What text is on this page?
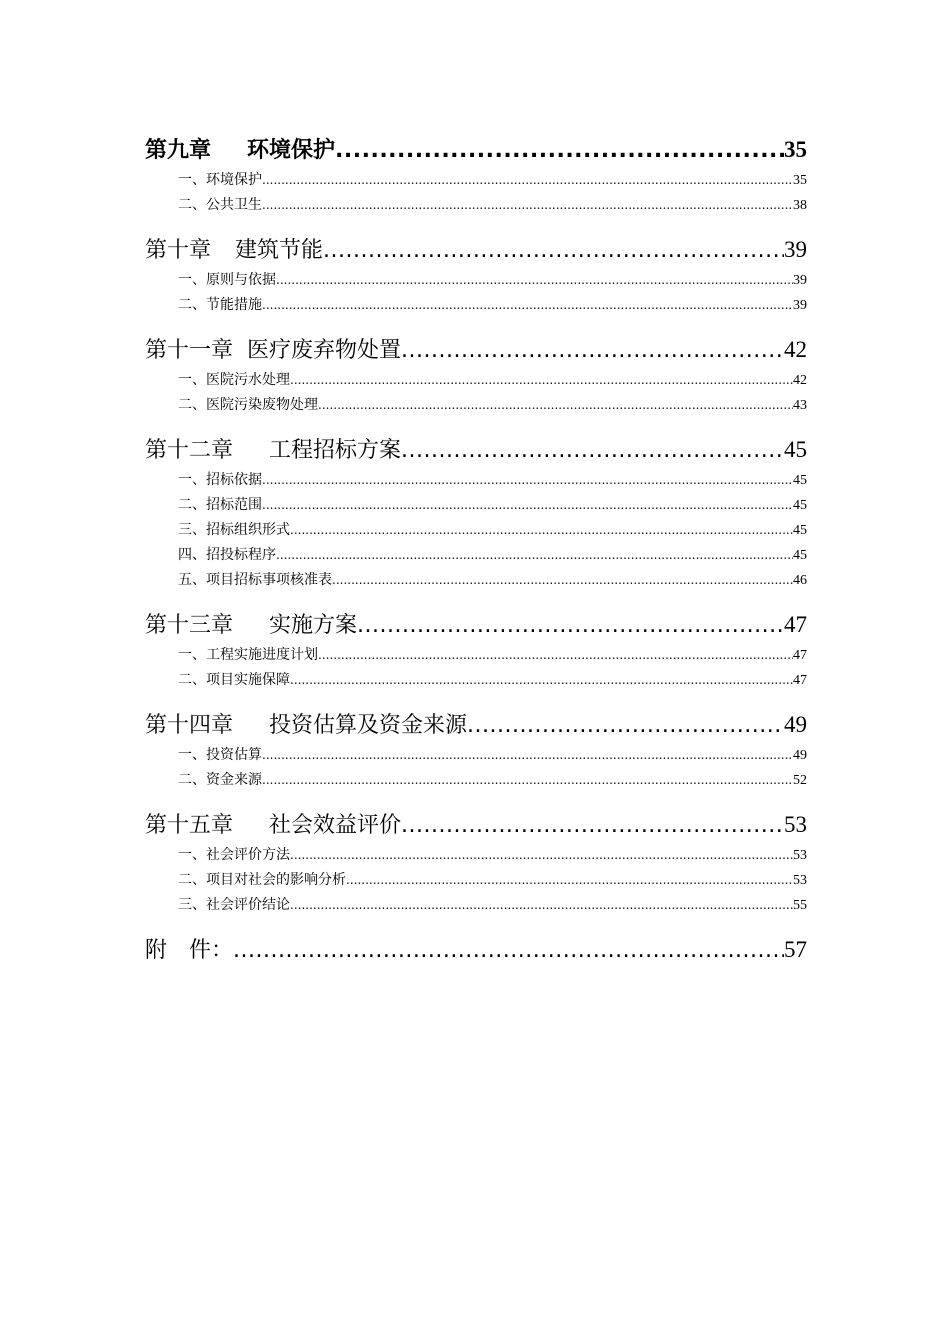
第九章 环境保护 .....	35
一、环境保护 .....	35
二、公共卫生 .....	38
第十章 建筑节能 .....	39
一、原则与依据 .....	39
二、节能措施 .....	39
第十一章 医疗废弃物处置 .....	42
一、医院污水处理 .....	42
二、医院污染废物处理 .....	43
第十二章 工程招标方案 .....	45
一、招标依据 .....	45
二、招标范围 .....	45
三、招标组织形式 .....	45
四、招投标程序 .....	45
五、项目招标事项核准表 .....	46
第十三章 实施方案 .....	47
一、工程实施进度计划 .....	47
二、项目实施保障 .....	47
第十四章 投资估算及资金来源 .....	49
一、投资估算 .....	49
二、资金来源 .....	52
第十五章 社会效益评价 .....	53
一、社会评价方法 .....	53
二、项目对社会的影响分析 .....	53
三、社会评价结论 .....	55
附　件： .....	57
